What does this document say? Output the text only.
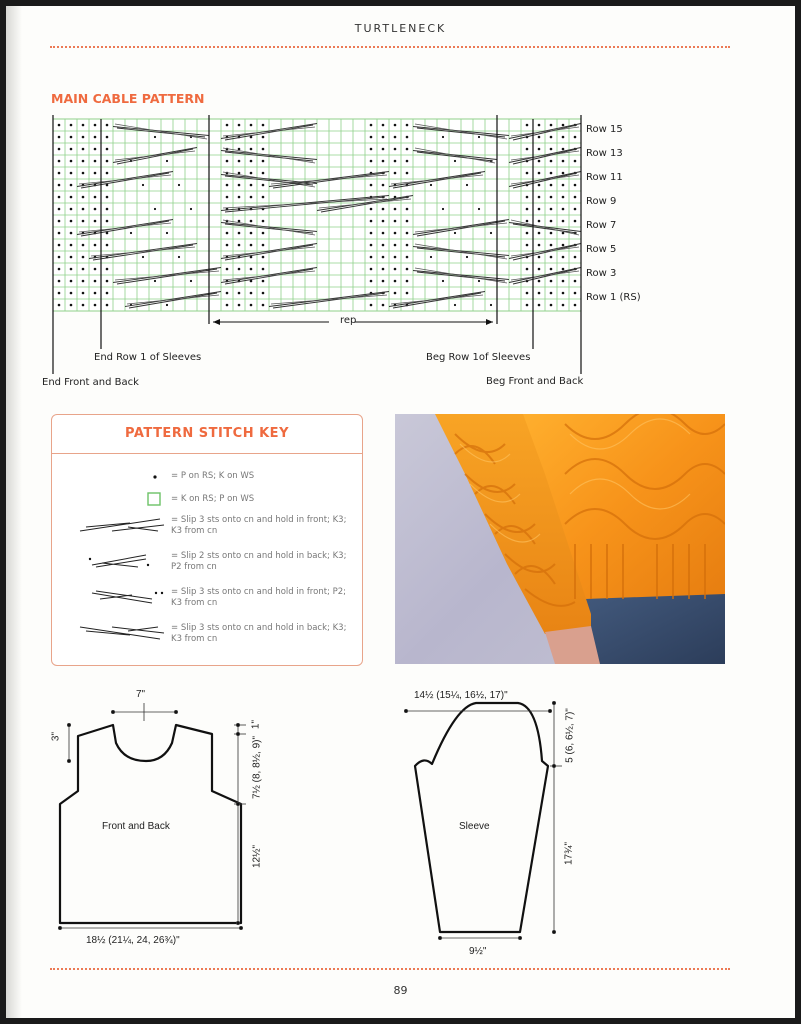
TURTLENECK
MAIN CABLE PATTERN
Row 15
Row 13
Row 11
Row 9
Row 7
Row 5
Row 3
Row 1 (RS)
rep
End Row 1 of Sleeves	Beg Row 1of Sleeves
End Front and Back	Beg Front and Back
PATTERN STITCH KEY
= P on RS; K on WS
= K on RS; P on WS
= Slip 3 sts onto cn and hold in front; K3; K3 from cn
= Slip 2 sts onto cn and hold in back; K3; P2 from cn
= Slip 3 sts onto cn and hold in front; P2; K3 from cn
= Slip 3 sts onto cn and hold in back; K3; K3 from cn
7"
3"
1"
7½ (8, 8½, 9)"
12½"
Front and Back
18½ (21¼, 24, 26¾)"
14½ (15¼, 16½, 17)"
5 (6, 6½, 7)"
17¾"
Sleeve
9½"
89
